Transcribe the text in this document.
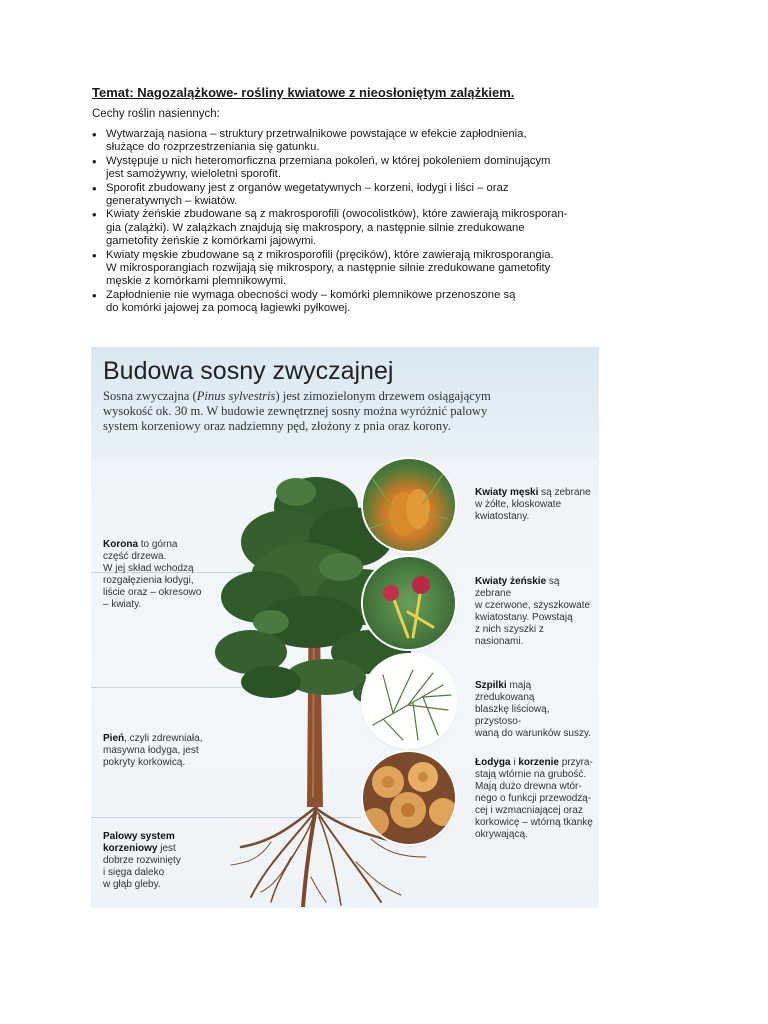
Temat: Nagozalążkowe- rośliny kwiatowe z nieosłoniętym zalążkiem.
Cechy roślin nasiennych:
• Wytwarzają nasiona – struktury przetrwalnikowe powstające w efekcie zapłodnienia,
służące do rozprzestrzeniania się gatunku.
• Występuje u nich heteromorficzna przemiana pokoleń, w której pokoleniem dominującym
jest samożywny, wieloletni sporofit.
• Sporofit zbudowany jest z organów wegetatywnych – korzeni, łodygi i liści – oraz
generatywnych – kwiatów.
• Kwiaty żeńskie zbudowane są z makrosporofili (owocolistków), które zawierają mikrosporan-
gia (zalążki). W zalążkach znajdują się makrospory, a następnie silnie zredukowane
gametofity żeńskie z komórkami jajowymi.
• Kwiaty męskie zbudowane są z mikrosporofili (pręcików), które zawierają mikrosporangia.
W mikrosporangiach rozwijają się mikrospory, a następnie silnie zredukowane gametofity
męskie z komórkami plemnikowymi.
• Zapłodnienie nie wymaga obecności wody – komórki plemnikowe przenoszone są
do komórki jajowej za pomocą łagiewki pyłkowej.
Budowa sosny zwyczajnej
Sosna zwyczajna (Pinus sylvestris) jest zimozielonym drzewem osiągającym wysokość ok. 30 m. W budowie zewnętrznej sosny można wyróżnić palowy system korzeniowy oraz nadziemny pęd, złożony z pnia oraz korony.
Korona to górna
część drzewa.
W jej skład wchodzą
rozgałęzienia łodygi,
liście oraz – okresowo
– kwiaty.
Pień, czyli zdrewniała,
masywna łodyga, jest
pokryty korkowicą.
Palowy system
korzeniowy jest
dobrze rozwinięty
i sięga daleko
w głąb gleby.
Kwiaty męski są zebrane
w żółte, kłoskowate
kwiatostany.
Kwiaty żeńskie są zebrane
w czerwone, szyszkowate
kwiatostany. Powstają
z nich szyszki z nasionami.
Szpilki mają zredukowaną
blaszkę liściową, przystoso-
waną do warunków suszy.
Łodyga i korzenie przyra-
stają wtórnie na grubość.
Mają dużo drewna wtór-
nego o funkcji przewodzą-
cej i wzmacniającej oraz
korkowicę – wtórną tkankę
okrywającą.
